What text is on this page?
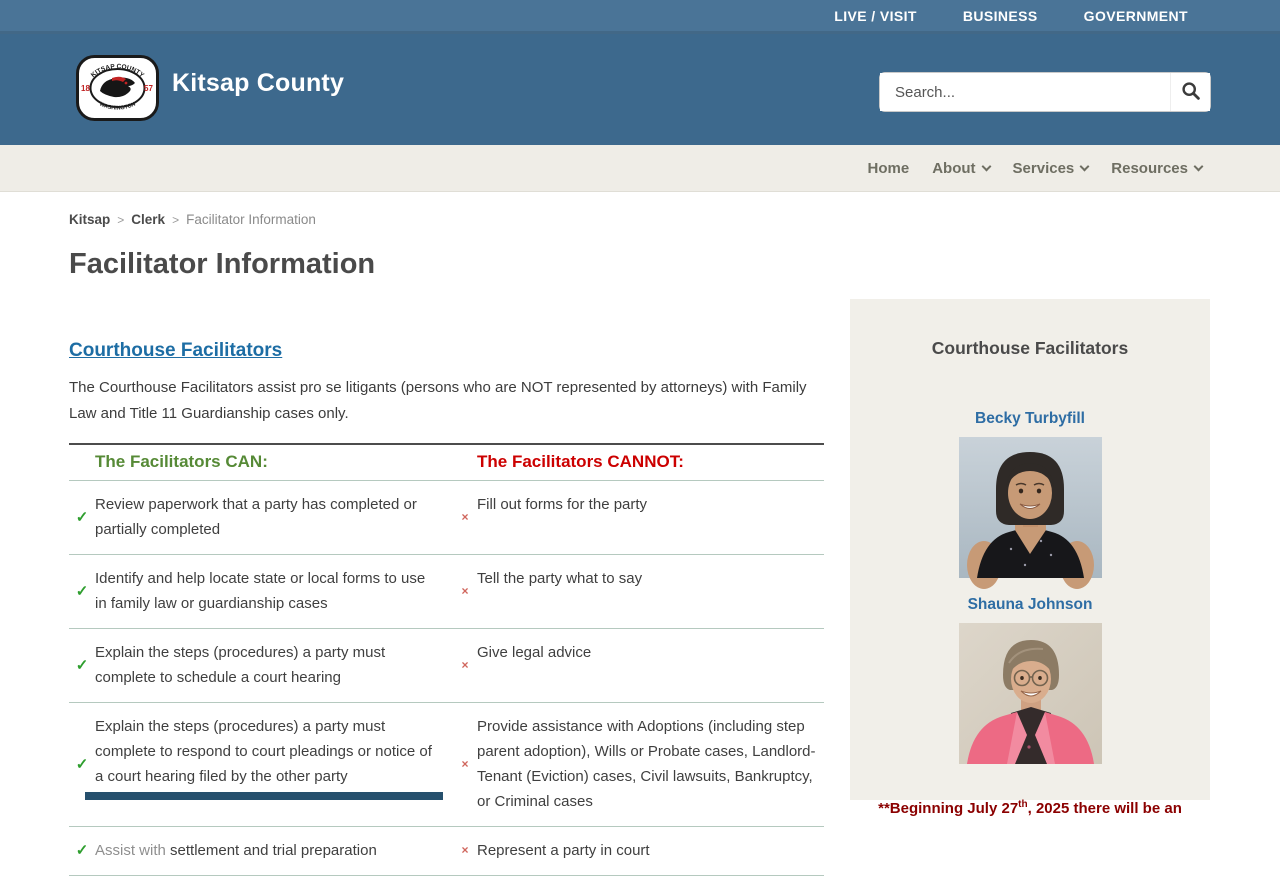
LIVE / VISIT	BUSINESS	GOVERNMENT
KITSAP COUNTY
WASHINGTON
18	57 Kitsap County
Search...
Home About Services Resources
Kitsap > Clerk > Facilitator Information
Facilitator Information
Courthouse Facilitators

The Courthouse Facilitators assist pro se litigants (persons who are NOT represented by attorneys) with Family Law and Title 11 Guardianship cases only.

The Facilitators CAN:	The Facilitators CANNOT:
✓
Review paperwork that a party has completed or partially completed
×
Fill out forms for the party
✓
Identify and help locate state or local forms to use in family law or guardianship cases
×
Tell the party what to say
✓
Explain the steps (procedures) a party must complete to schedule a court hearing
×
Give legal advice
✓
Explain the steps (procedures) a party must complete to respond to court pleadings or notice of a court hearing filed by the other party
×
Provide assistance with Adoptions (including step parent adoption), Wills or Probate cases, Landlord-Tenant (Eviction) cases, Civil lawsuits, Bankruptcy, or Criminal cases
✓ Assist with settlement and trial preparation	× Represent a party in court
Courthouse Facilitators
Becky Turbyfill
Shauna Johnson
**Beginning July 27th, 2025 there will be an
